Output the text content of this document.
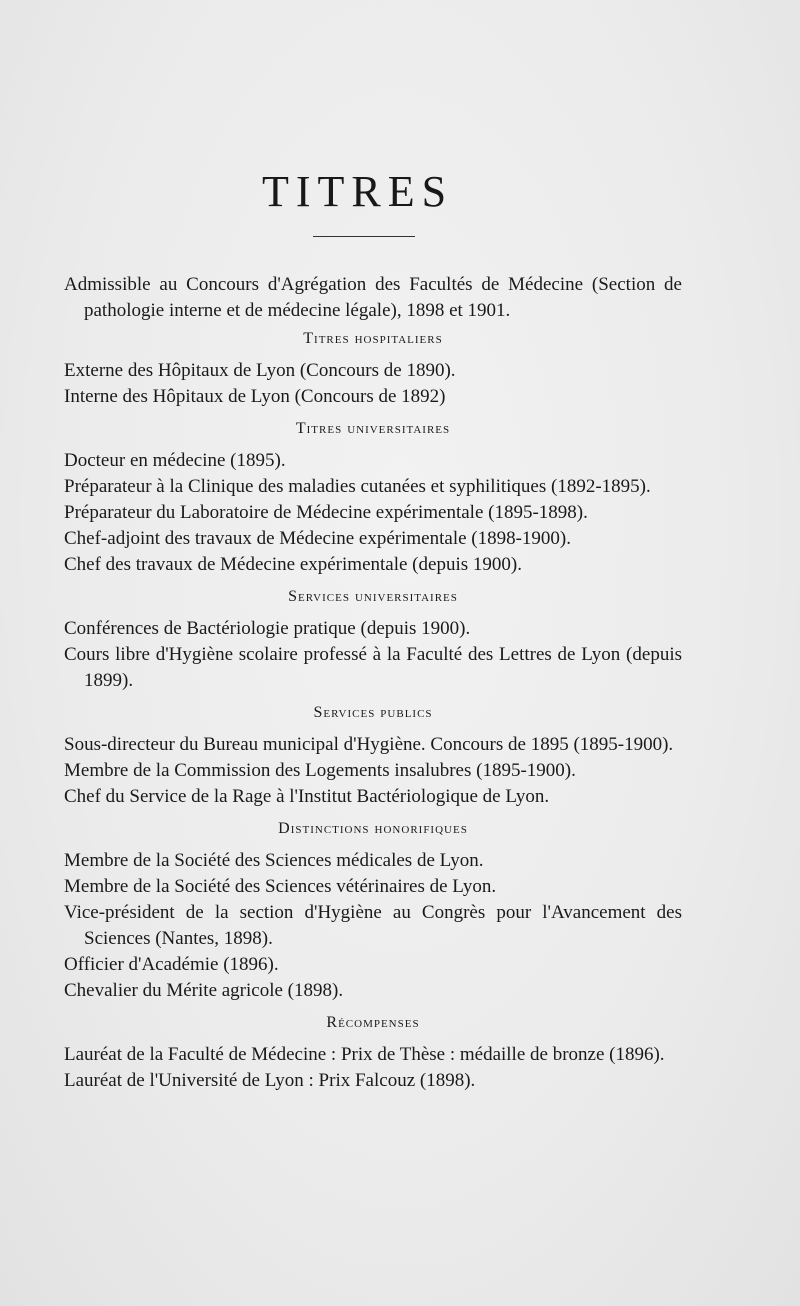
TITRES

Admissible au Concours d'Agrégation des Facultés de Médecine (Section de pathologie interne et de médecine légale), 1898 et 1901.

Titres hospitaliers

Externe des Hôpitaux de Lyon (Concours de 1890).

Interne des Hôpitaux de Lyon (Concours de 1892)

Titres universitaires

Docteur en médecine (1895).

Préparateur à la Clinique des maladies cutanées et syphilitiques (1892-1895).

Préparateur du Laboratoire de Médecine expérimentale (1895-1898).

Chef-adjoint des travaux de Médecine expérimentale (1898-1900).

Chef des travaux de Médecine expérimentale (depuis 1900).

Services universitaires

Conférences de Bactériologie pratique (depuis 1900).

Cours libre d'Hygiène scolaire professé à la Faculté des Lettres de Lyon (depuis 1899).

Services publics

Sous-directeur du Bureau municipal d'Hygiène. Concours de 1895 (1895-1900).

Membre de la Commission des Logements insalubres (1895-1900).

Chef du Service de la Rage à l'Institut Bactériologique de Lyon.

Distinctions honorifiques

Membre de la Société des Sciences médicales de Lyon.

Membre de la Société des Sciences vétérinaires de Lyon.

Vice-président de la section d'Hygiène au Congrès pour l'Avancement des Sciences (Nantes, 1898).

Officier d'Académie (1896).

Chevalier du Mérite agricole (1898).

Récompenses

Lauréat de la Faculté de Médecine : Prix de Thèse : médaille de bronze (1896).

Lauréat de l'Université de Lyon : Prix Falcouz (1898).
